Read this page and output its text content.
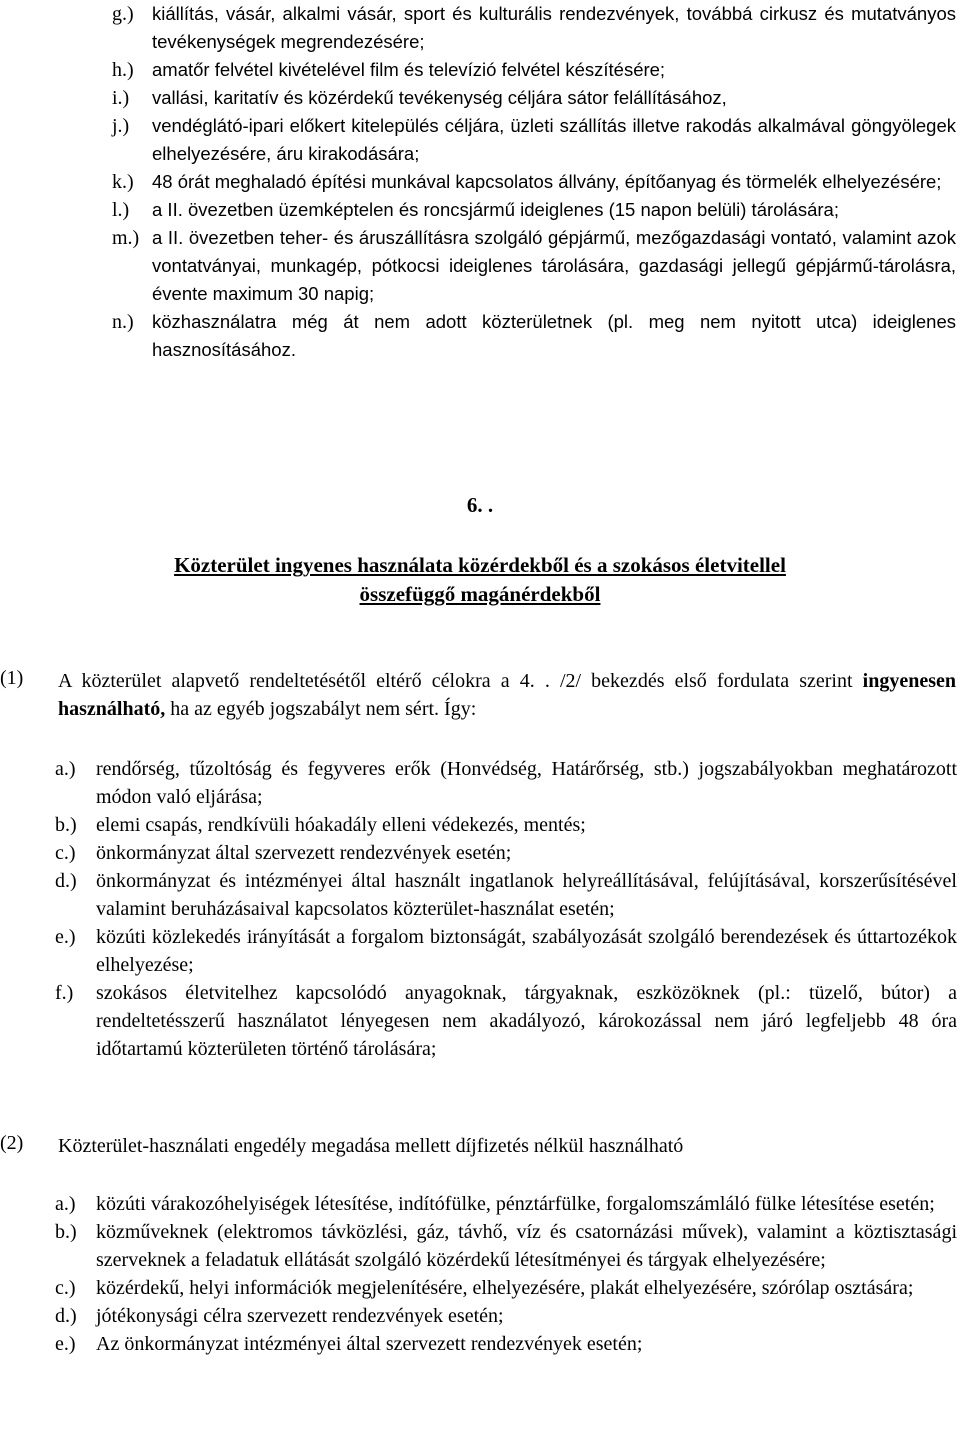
g.) kiállítás, vásár, alkalmi vásár, sport és kulturális rendezvények, továbbá cirkusz és mutatványos tevékenységek megrendezésére;
h.) amatőr felvétel kivételével film és televízió felvétel készítésére;
i.)	vallási, karitatív és közérdekű tevékenység céljára sátor felállításához,
j.)	vendéglátó-ipari előkert kitelepülés céljára, üzleti szállítás illetve rakodás alkalmával göngyölegek elhelyezésére, áru kirakodására;
k.) 48 órát meghaladó építési munkával kapcsolatos állvány, építőanyag és törmelék elhelyezésére;
l.)	a II. övezetben üzemképtelen és roncsjármű ideiglenes (15 napon belüli) tárolására;
m.) a II. övezetben teher- és áruszállításra szolgáló gépjármű, mezőgazdasági vontató, valamint azok vontatványai, munkagép, pótkocsi ideiglenes tárolására, gazdasági jellegű gépjármű-tárolásra, évente maximum 30 napig;
n.) közhasználatra még át nem adott közterületnek (pl. meg nem nyitott utca) ideiglenes hasznosításához.
6. .
Közterület ingyenes használata közérdekből és a szokásos életvitellel
összefüggő magánérdekből
(1)	A közterület alapvető rendeltetésétől eltérő célokra a 4. . /2/ bekezdés első fordulata szerint ingyenesen használható, ha az egyéb jogszabályt nem sért. Így:
a.)	rendőrség, tűzoltóság és fegyveres erők (Honvédség, Határőrség, stb.) jogszabályokban meghatározott módon való eljárása;
b.) elemi csapás, rendkívüli hóakadály elleni védekezés, mentés;
c.)	önkormányzat által szervezett rendezvények esetén;
d.) önkormányzat és intézményei által használt ingatlanok helyreállításával, felújításával, korszerűsítésével valamint beruházásaival kapcsolatos közterület-használat esetén;
e.)	közúti közlekedés irányítását a forgalom biztonságát, szabályozását szolgáló berendezések és úttartozékok elhelyezése;
f.)	szokásos életvitelhez kapcsolódó anyagoknak, tárgyaknak, eszközöknek (pl.: tüzelő, bútor) a rendeltetésszerű használatot lényegesen nem akadályozó, károkozással nem járó legfeljebb 48 óra időtartamú közterületen történő tárolására;
(2)	Közterület-használati engedély megadása mellett díjfizetés nélkül használható
a.)	közúti várakozóhelyiségek létesítése, indítófülke, pénztárfülke, forgalomszámláló fülke létesítése esetén;
b.) közműveknek (elektromos távközlési, gáz, távhő, víz és csatornázási művek), valamint a köztisztasági szerveknek a feladatuk ellátását szolgáló közérdekű létesítményei és tárgyak elhelyezésére;
c.)	közérdekű, helyi információk megjelenítésére, elhelyezésére, plakát elhelyezésére, szórólap osztására;
d.) jótékonysági célra szervezett rendezvények esetén;
e.)	Az önkormányzat intézményei által szervezett rendezvények esetén;
